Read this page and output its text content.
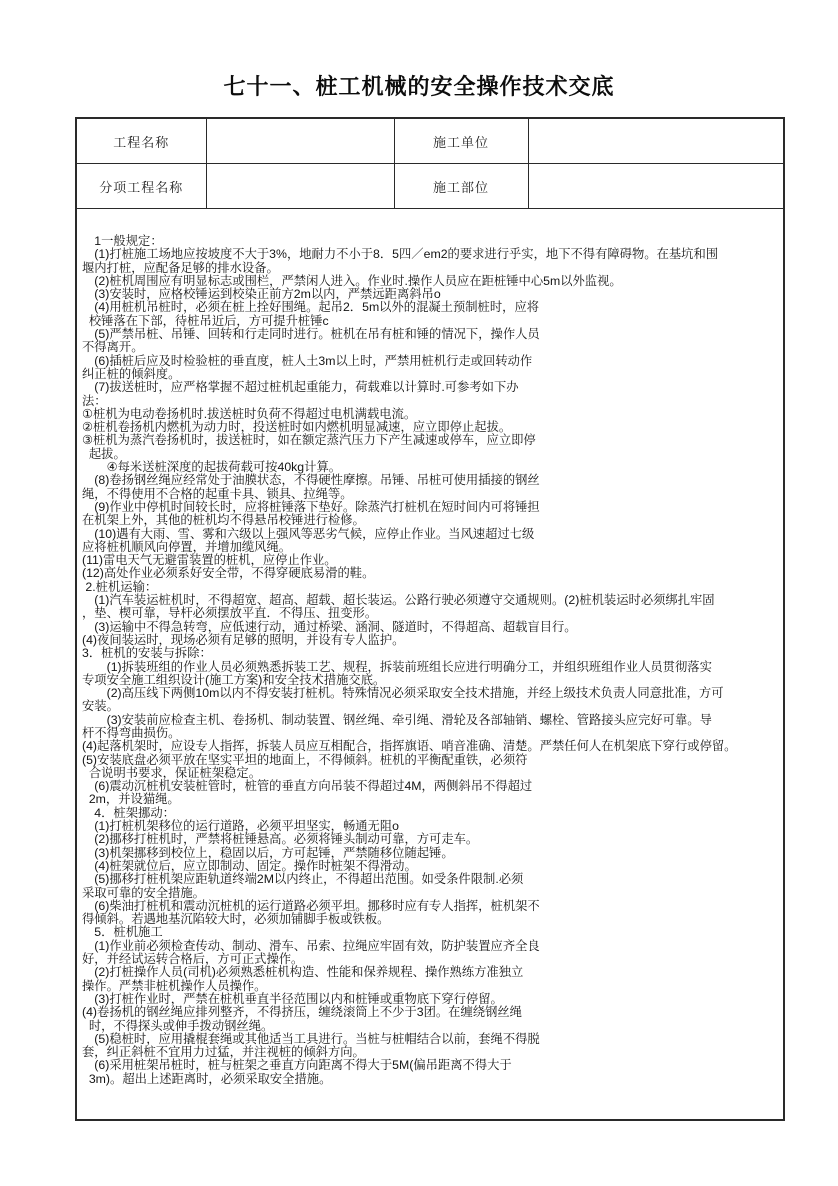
七十一、桩工机械的安全操作技术交底
工程名称		施工单位	
分项工程名称		施工部位	

　1一般规定：
　(1)打桩施工场地应按坡度不大于3%，地耐力不小于8．5四／em2的要求进行乎实，地下不得有障碍物。在基坑和围
堰内打桩，应配备足够的排水设备。
　(2)桩机周围应有明显标志或围栏，严禁闲人进入。作业时.操作人员应在距桩锤中心5m以外监视。
　(3)安装时，应格校锤运到校染正前方2m以内，严禁远距离斜吊o
　(4)用桩机吊桩时，必须在桩上拴好围绳。起吊2．5m以外的混凝土预制桩时，应将
校锤落在下部，待桩吊近后，方可提升桩锤c
　(5)严禁吊桩、吊锤、回转和行走同时进行。桩机在吊有桩和锤的情况下，操作人员
不得离开。
　(6)插桩后应及时检验桩的垂直度，桩人土3m以上时，严禁用桩机行走或回转动作
纠正桩的倾斜度。
　(7)拔送桩时，应严格掌握不超过桩机起重能力，荷载难以计算时.可参考如下办
法：
①桩机为电动卷扬机时.拔送桩时负荷不得超过电机满载电流。
②桩机卷扬机内燃机为动力时，投送桩时如内燃机明显减速，应立即停止起拔。
③桩机为蒸汽卷扬机时，拔送桩时，如在额定蒸汽压力下产生减速或停车，应立即停
起拔。
　　④每米送桩深度的起拔荷载可按40kg计算。
　(8)卷扬钢丝绳应经常处于油膜状态，不得硬性摩擦。吊锤、吊桩可使用插接的钢丝
绳，不得使用不合格的起重卡具、锁具、拉绳等。
　(9)作业中停机时间较长时，应将桩锤落下垫好。除蒸汽打桩机在短时间内可将锤担
在机架上外，其他的桩机均不得悬吊校锤进行检修。
　(10)遇有大雨、雪、雾和六级以上强风等恶劣气候，应停止作业。当风速超过七级
应将桩机顺风向停置，并增加缆风绳。
(11)雷电天气无避雷装置的桩机，应停止作业。
(12)高处作业必须系好安全带，不得穿硬底易滑的鞋。
2.桩机运输：
　(1)汽车装运桩机时，不得超宽、超高、超载、超长装运。公路行驶必须遵守交通规则。(2)桩机装运时必须绑扎牢固
，垫、楔可靠，导杆必须摆放平直．不得压、扭变形。
　(3)运输中不得急转弯，应低速行动，通过桥梁、涵洞、隧道时，不得超高、超载盲目行。
(4)夜间装运时，现场必须有足够的照明，并设有专人监护。
3．桩机的安装与拆除：
　　(1)拆装班组的作业人员必须熟悉拆装工艺、规程，拆装前班组长应进行明确分工，并组织班组作业人员贯彻落实
专项安全施工组织设计(施工方案)和安全技术措施交底。
　　(2)高压线下两侧10m以内不得安装打桩机。特殊情况必须采取安全技术措施，并经上级技术负责人同意批准，方可
安装。
　　(3)安装前应检查主机、卷扬机、制动装置、钢丝绳、牵引绳、滑轮及各部轴销、螺栓、管路接头应完好可靠。导
杆不得弯曲损伤。
(4)起落机架时，应设专人指挥，拆装人员应互相配合，指挥旗语、哨音准确、清楚。严禁任何人在机架底下穿行或停留。
(5)安装底盘必须平放在坚实平坦的地面上，不得倾斜。桩机的平衡配重铁，必须符
合说明书要求，保证桩架稳定。
　(6)震动沉桩机安装桩管时，桩管的垂直方向吊装不得超过4M，两侧斜吊不得超过
2m，并设猫绳。
　4．桩架挪动：
　(1)打桩机架移位的运行道路，必须平坦坚实，畅通无阻o
　(2)挪移打桩机时，严禁将桩锤悬高。必须将锤头制动可靠，方可走车。
　(3)机架挪移到校位上，稳固以后，方可起锤，严禁随移位随起锤。
　(4)桩架就位后，应立即制动、固定。操作时桩架不得滑动。
　(5)挪移打桩机架应距轨道终端2M以内终止，不得超出范围。如受条件限制.必须
采取可靠的安全措施。
　(6)柴油打桩机和震动沉桩机的运行道路必须平坦。挪移时应有专人指挥，桩机架不
得倾斜。若遇地基沉陷较大时，必须加铺脚手板或铁板。
　5．桩机施工
　(1)作业前必须检查传动、制动、滑车、吊索、拉绳应牢固有效，防护装置应齐全良
好，并经试运转合格后，方可正式操作。
　(2)打桩操作人员(司机)必须熟悉桩机构造、性能和保养规程、操作熟练方准独立
操作。严禁非桩机操作人员操作。
　(3)打桩作业时，严禁在桩机垂直半径范围以内和桩锤或重物底下穿行停留。
(4)卷扬机的钢丝绳应排列整齐，不得挤压，缠绕滚筒上不少于3团。在缠绕钢丝绳
时，不得探头或伸手拨动钢丝绳。
　(5)稳桩时，应用撬棍套绳或其他适当工具进行。当桩与桩帽结合以前，套绳不得脱
套，纠正斜桩不宜用力过猛，并注视桩的倾斜方向。
　(6)采用桩架吊桩时，桩与桩架之垂直方向距离不得大于5M(偏吊距离不得大于
3m)。超出上述距离时，必须采取安全措施。
